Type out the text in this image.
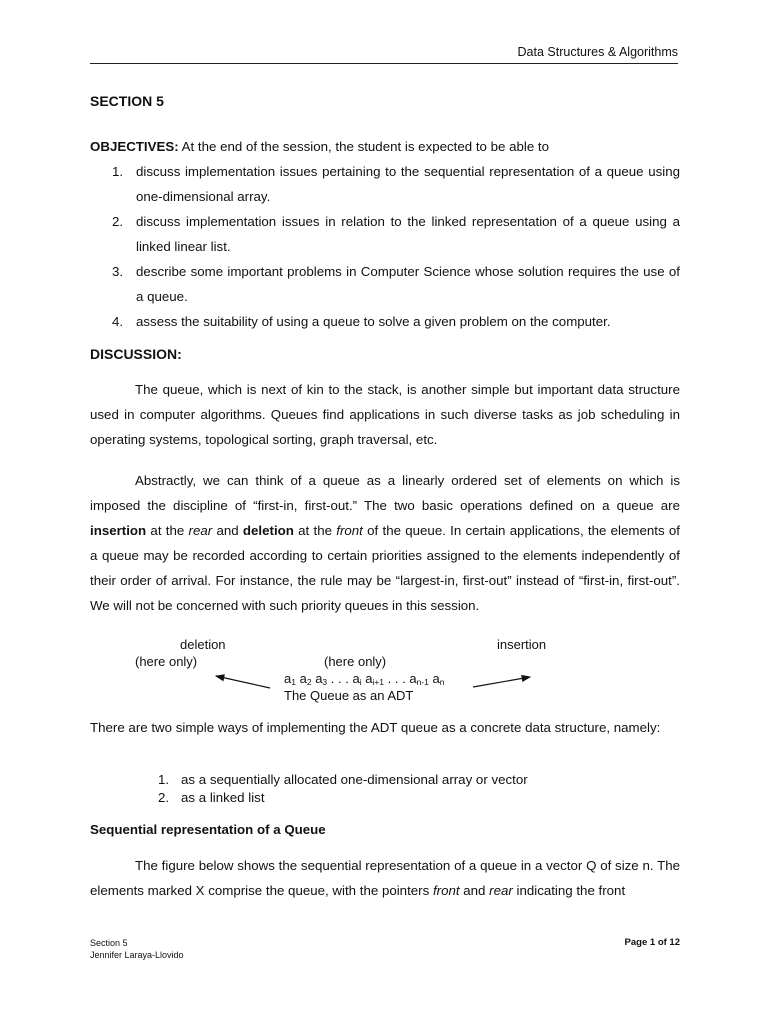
Data Structures & Algorithms
SECTION 5
OBJECTIVES: At the end of the session, the student is expected to be able to
1. discuss implementation issues pertaining to the sequential representation of a queue using one-dimensional array.
2. discuss implementation issues in relation to the linked representation of a queue using a linked linear list.
3. describe some important problems in Computer Science whose solution requires the use of a queue.
4. assess the suitability of using a queue to solve a given problem on the computer.
DISCUSSION:

The queue, which is next of kin to the stack, is another simple but important data structure used in computer algorithms. Queues find applications in such diverse tasks as job scheduling in operating systems, topological sorting, graph traversal, etc.

Abstractly, we can think of a queue as a linearly ordered set of elements on which is imposed the discipline of “first-in, first-out.” The two basic operations defined on a queue are insertion at the rear and deletion at the front of the queue. In certain applications, the elements of a queue may be recorded according to certain priorities assigned to the elements independently of their order of arrival. For instance, the rule may be “largest-in, first-out” instead of “first-in, first-out”. We will not be concerned with such priority queues in this session.

deletion
(here only)
insertion
(here only)
$a_1$ $a_2$ $a_3$ . . . $a_i$ $a_{i+1}$ . . . $a_{n-1}$ $a_n$
The Queue as an ADT

There are two simple ways of implementing the ADT queue as a concrete data structure, namely:

1. as a sequentially allocated one-dimensional array or vector
2. as a linked list
Sequential representation of a Queue

The figure below shows the sequential representation of a queue in a vector Q of size n. The elements marked X comprise the queue, with the pointers front and rear indicating the front

Section 5
Jennifer Laraya-Llovido
Page 1 of 12
